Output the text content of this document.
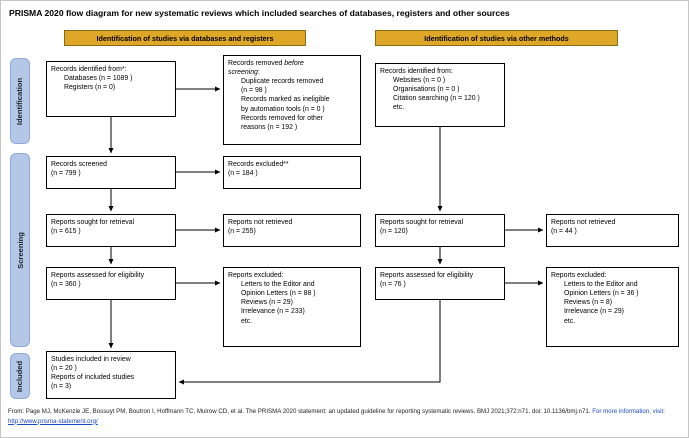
PRISMA 2020 flow diagram for new systematic reviews which included searches of databases, registers and other sources
Identification of studies via databases and registers	Identification of studies via other methods
Identification
Screening
Included
Records identified from*:
Databases (n = 1089 )
Registers (n = 0)
Records screened
(n = 799 )
Reports sought for retrieval
(n = 615 )
Reports assessed for eligibility
(n = 360 )
Studies included in review
(n = 20 )
Reports of included studies
(n = 3)
Records removed before
screening:
Duplicate records removed
(n = 98 )
Records marked as ineligible
by automation tools (n = 0 )
Records removed for other
reasons (n = 192 )
Records excluded**
(n = 184 )
Reports not retrieved
(n = 255)
Reports excluded:
Letters to the Editor and
Opinion Letters (n = 88 )
Reviews (n = 29)
Irrelevance (n = 233)
etc.
Records identified from:
Websites (n = 0 )
Organisations (n = 0 )
Citation searching (n = 120 )
etc.
Reports sought for retrieval
(n = 120)
Reports assessed for eligibility
(n = 76 )
Reports not retrieved
(n = 44 )
Reports excluded:
Letters to the Editor and
Opinion Letters (n = 36 )
Reviews (n = 8)
Irrelevance (n = 29)
etc.
From: Page MJ, McKenzie JE, Bossuyt PM, Boutron I, Hoffmann TC, Mulrow CD, et al. The PRISMA 2020 statement: an updated guideline for reporting systematic reviews. BMJ 2021;372:n71. doi: 10.1136/bmj.n71. For more information, visit:
http://www.prisma-statement.org/
